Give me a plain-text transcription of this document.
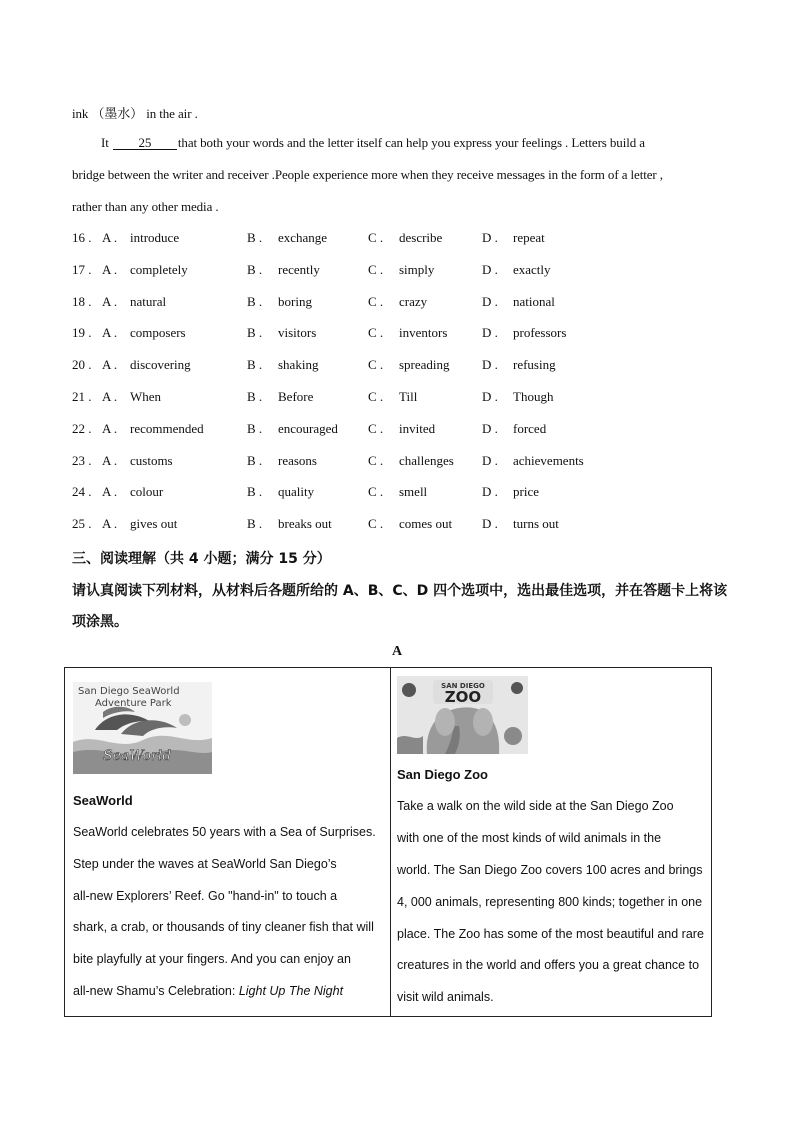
ink （墨水） in the air .
It 25 that both your words and the letter itself can help you express your feelings . Letters build a
bridge between the writer and receiver .People experience more when they receive messages in the form of a letter ,
rather than any other media .
16 . A . introduce	B . exchange	C . describe	D . repeat
17 . A . completely	B . recently	C . simply	D . exactly
18 . A . natural	B . boring	C . crazy	D . national
19 . A . composers	B . visitors	C . inventors	D . professors
20 . A . discovering	B . shaking	C . spreading D . refusing
21 . A . When	B . Before	C . Till	D . Though
22 . A . recommended	B . encouraged C . invited	D . forced
23 . A . customs	B . reasons	C . challenges D . achievements
24 . A . colour	B . quality	C . smell	D . price
25 . A . gives out	B . breaks out	C . comes out D . turns out
三、阅读理解（共 4 小题；满分 15 分）
请认真阅读下列材料，从材料后各题所给的 A、B、C、D 四个选项中，选出最佳选项，并在答题卡上将该
项涂黑。
A
San Diego SeaWorld
Adventure Park
SeaWorld
SeaWorld
SeaWorld celebrates 50 years with a Sea of Surprises.
Step under the waves at SeaWorld San Diego’s
all-new Explorers’ Reef. Go "hand-in" to touch a
shark, a crab, or thousands of tiny cleaner fish that will
bite playfully at your fingers. And you can enjoy an
all-new Shamu’s Celebration: Light Up The Night
SAN DIEGO
ZOO
San Diego Zoo
Take a walk on the wild side at the San Diego Zoo
with one of the most kinds of wild animals in the
world. The San Diego Zoo covers 100 acres and brings
4, 000 animals, representing 800 kinds; together in one
place. The Zoo has some of the most beautiful and rare
creatures in the world and offers you a great chance to
visit wild animals.
